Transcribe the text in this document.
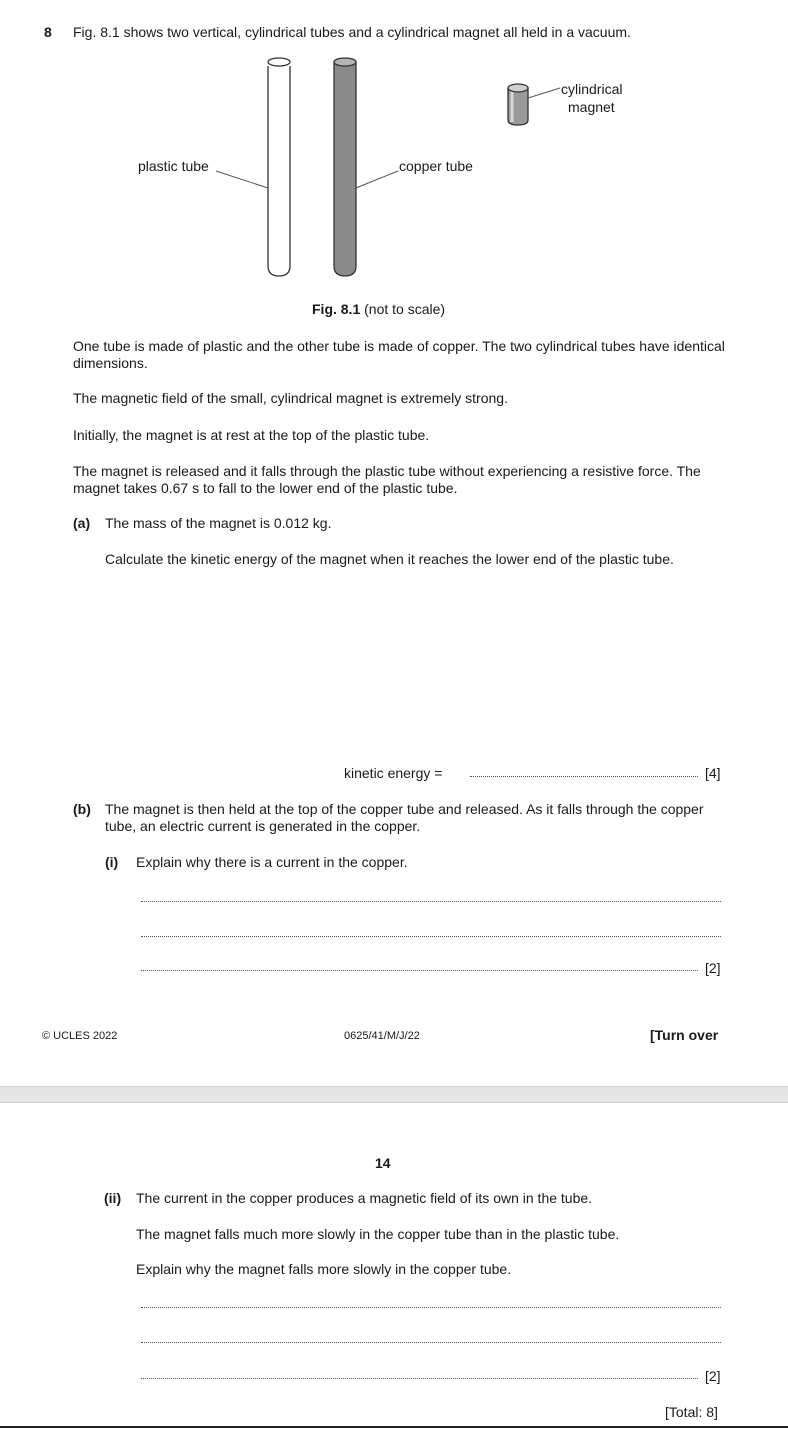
8 Fig. 8.1 shows two vertical, cylindrical tubes and a cylindrical magnet all held in a vacuum.
plastic tube	copper tube
cylindrical
magnet
Fig. 8.1 (not to scale)
One tube is made of plastic and the other tube is made of copper. The two cylindrical tubes have identical dimensions.
The magnetic field of the small, cylindrical magnet is extremely strong.
Initially, the magnet is at rest at the top of the plastic tube.
The magnet is released and it falls through the plastic tube without experiencing a resistive force. The magnet takes 0.67 s to fall to the lower end of the plastic tube.
(a) The mass of the magnet is 0.012 kg.
Calculate the kinetic energy of the magnet when it reaches the lower end of the plastic tube.
kinetic energy =	[4]
(b) The magnet is then held at the top of the copper tube and released. As it falls through the copper tube, an electric current is generated in the copper.
(i) Explain why there is a current in the copper.
[2]
© UCLES 2022	0625/41/M/J/22	[Turn over
14
(ii) The current in the copper produces a magnetic field of its own in the tube.
The magnet falls much more slowly in the copper tube than in the plastic tube.
Explain why the magnet falls more slowly in the copper tube.
[2]
[Total: 8]
